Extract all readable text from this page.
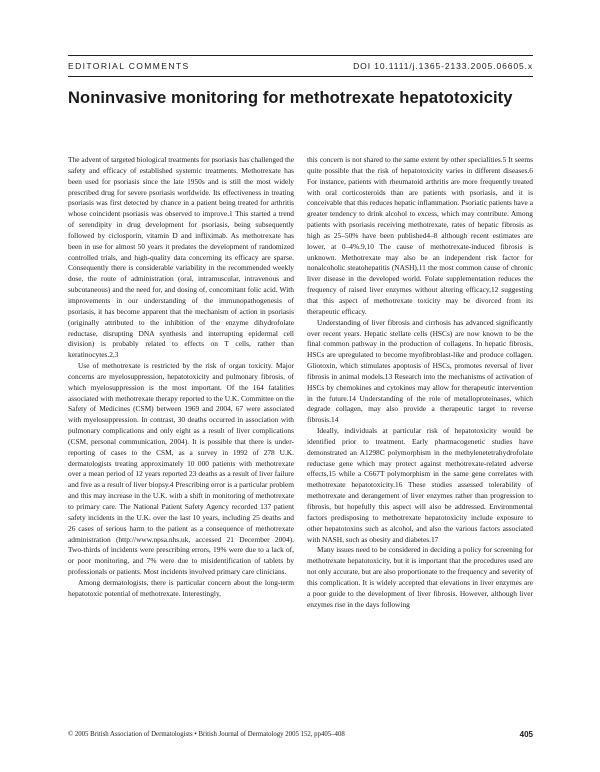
EDITORIAL COMMENTS	DOI 10.1111/j.1365-2133.2005.06605.x
Noninvasive monitoring for methotrexate hepatotoxicity

The advent of targeted biological treatments for psoriasis has challenged the safety and efficacy of established systemic treatments. Methotrexate has been used for psoriasis since the late 1950s and is still the most widely prescribed drug for severe psoriasis worldwide. Its effectiveness in treating psoriasis was first detected by chance in a patient being treated for arthritis whose coincident psoriasis was observed to improve.1 This started a trend of serendipity in drug development for psoriasis, being subsequently followed by ciclosporin, vitamin D and infliximab. As methotrexate has been in use for almost 50 years it predates the development of randomized controlled trials, and high-quality data concerning its efficacy are sparse. Consequently there is considerable variability in the recommended weekly dose, the route of administration (oral, intramuscular, intravenous and subcutaneous) and the need for, and dosing of, concomitant folic acid. With improvements in our understanding of the immunopathogenesis of psoriasis, it has become apparent that the mechanism of action in psoriasis (originally attributed to the inhibition of the enzyme dihydrofolate reductase, disrupting DNA synthesis and interrupting epidermal cell division) is probably related to effects on T cells, rather than keratinocytes.2,3

Use of methotrexate is restricted by the risk of organ toxicity. Major concerns are myelosuppression, hepatotoxicity and pulmonary fibrosis, of which myelosuppression is the most important. Of the 164 fatalities associated with methotrexate therapy reported to the U.K. Committee on the Safety of Medicines (CSM) between 1969 and 2004, 67 were associated with myelosuppression. In contrast, 30 deaths occurred in association with pulmonary complications and only eight as a result of liver complications (CSM, personal communication, 2004). It is possible that there is under-reporting of cases to the CSM, as a survey in 1992 of 278 U.K. dermatologists treating approximately 10 000 patients with methotrexate over a mean period of 12 years reported 23 deaths as a result of liver failure and five as a result of liver biopsy.4 Prescribing error is a particular problem and this may increase in the U.K. with a shift in monitoring of methotrexate to primary care. The National Patient Safety Agency recorded 137 patient safety incidents in the U.K. over the last 10 years, including 25 deaths and 26 cases of serious harm to the patient as a consequence of methotrexate administration (http://www.npsa.nhs.uk, accessed 21 December 2004). Two-thirds of incidents were prescribing errors, 19% were due to a lack of, or poor monitoring, and 7% were due to misidentification of tablets by professionals or patients. Most incidents involved primary care clinicians.

Among dermatologists, there is particular concern about the long-term hepatotoxic potential of methotrexate. Interestingly,

this concern is not shared to the same extent by other specialities.5 It seems quite possible that the risk of hepatotoxicity varies in different diseases.6 For instance, patients with rheumatoid arthritis are more frequently treated with oral corticosteroids than are patients with psoriasis, and it is conceivable that this reduces hepatic inflammation. Psoriatic patients have a greater tendency to drink alcohol to excess, which may contribute. Among patients with psoriasis receiving methotrexate, rates of hepatic fibrosis as high as 25–50% have been published4–8 although recent estimates are lower, at 0–4%.9,10 The cause of methotrexate-induced fibrosis is unknown. Methotrexate may also be an independent risk factor for nonalcoholic steatohepatitis (NASH),11 the most common cause of chronic liver disease in the developed world. Folate supplementation reduces the frequency of raised liver enzymes without altering efficacy,12 suggesting that this aspect of methotrexate toxicity may be divorced from its therapeutic efficacy.

Understanding of liver fibrosis and cirrhosis has advanced significantly over recent years. Hepatic stellate cells (HSCs) are now known to be the final common pathway in the production of collagens. In hepatic fibrosis, HSCs are upregulated to become myofibroblast-like and produce collagen. Gliotoxin, which stimulates apoptosis of HSCs, promotes reversal of liver fibrosis in animal models.13 Research into the mechanisms of activation of HSCs by chemokines and cytokines may allow for therapeutic intervention in the future.14 Understanding of the role of metalloproteinases, which degrade collagen, may also provide a therapeutic target to reverse fibrosis.14

Ideally, individuals at particular risk of hepatotoxicity would be identified prior to treatment. Early pharmacogenetic studies have demonstrated an A1298C polymorphism in the methylenetetrahydrofolate reductase gene which may protect against methotrexate-related adverse effects,15 while a C667T polymorphism in the same gene correlates with methotrexate hepatotoxicity.16 These studies assessed tolerability of methotrexate and derangement of liver enzymes rather than progression to fibrosis, but hopefully this aspect will also be addressed. Environmental factors predisposing to methotrexate hepatotoxicity include exposure to other hepatotoxins such as alcohol, and also the various factors associated with NASH, such as obesity and diabetes.17

Many issues need to be considered in deciding a policy for screening for methotrexate hepatotoxicity, but it is important that the procedures used are not only accurate, but are also proportionate to the frequency and severity of this complication. It is widely accepted that elevations in liver enzymes are a poor guide to the development of liver fibrosis. However, although liver enzymes rise in the days following

© 2005 British Association of Dermatologists • British Journal of Dermatology 2005 152, pp405–408	405
